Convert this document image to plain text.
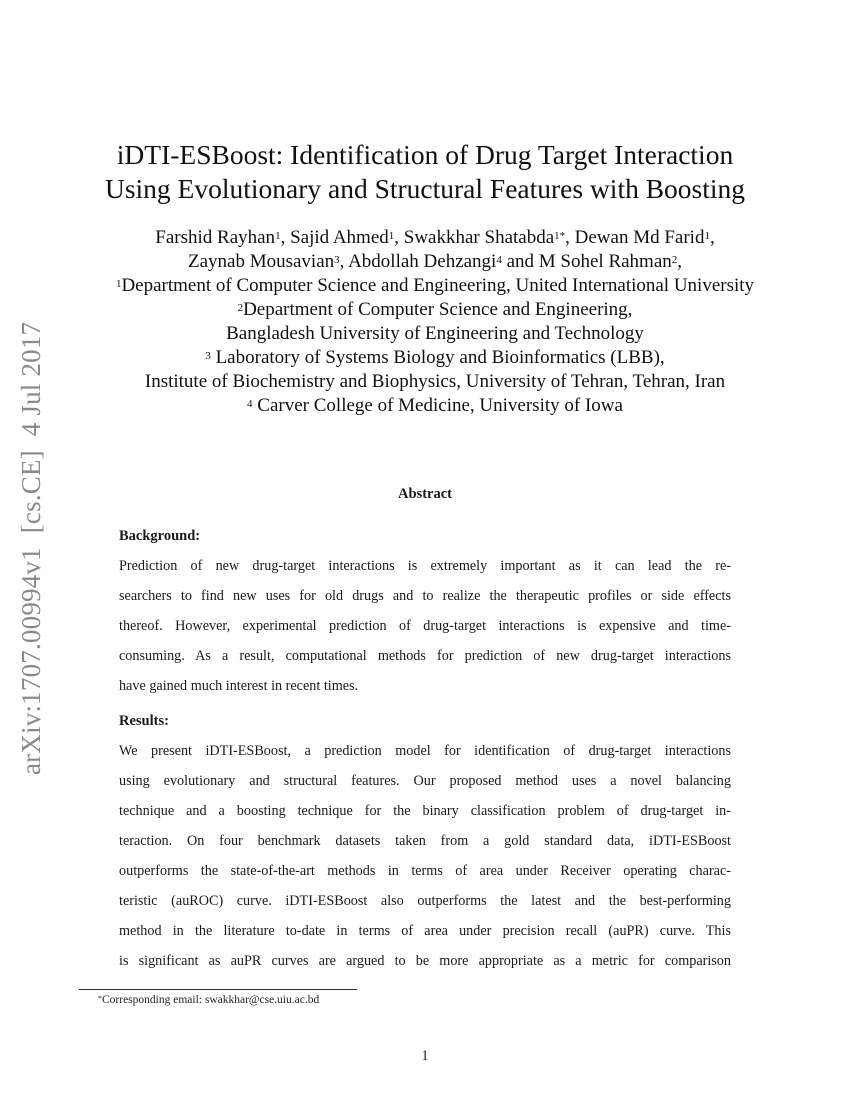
arXiv:1707.00994v1  [cs.CE]  4 Jul 2017
iDTI-ESBoost: Identification of Drug Target Interaction
Using Evolutionary and Structural Features with Boosting
Farshid Rayhan$^1$, Sajid Ahmed$^1$, Swakkhar Shatabda$^{1*}$, Dewan Md Farid$^1$,
Zaynab Mousavian$^3$, Abdollah Dehzangi$^4$ and M Sohel Rahman$^2$,
$^1$Department of Computer Science and Engineering, United International University
$^2$Department of Computer Science and Engineering,
Bangladesh University of Engineering and Technology
$^3$ Laboratory of Systems Biology and Bioinformatics (LBB),
Institute of Biochemistry and Biophysics, University of Tehran, Tehran, Iran
$^4$ Carver College of Medicine, University of Iowa
Abstract
Background:
Prediction of new drug-target interactions is extremely important as it can lead the re-
searchers to find new uses for old drugs and to realize the therapeutic profiles or side effects
thereof. However, experimental prediction of drug-target interactions is expensive and time-
consuming. As a result, computational methods for prediction of new drug-target interactions
have gained much interest in recent times.
Results:
We present iDTI-ESBoost, a prediction model for identification of drug-target interactions
using evolutionary and structural features. Our proposed method uses a novel balancing
technique and a boosting technique for the binary classification problem of drug-target in-
teraction. On four benchmark datasets taken from a gold standard data, iDTI-ESBoost
outperforms the state-of-the-art methods in terms of area under Receiver operating charac-
teristic (auROC) curve. iDTI-ESBoost also outperforms the latest and the best-performing
method in the literature to-date in terms of area under precision recall (auPR) curve. This
is significant as auPR curves are argued to be more appropriate as a metric for comparison
*Corresponding email: swakkhar@cse.uiu.ac.bd
1
